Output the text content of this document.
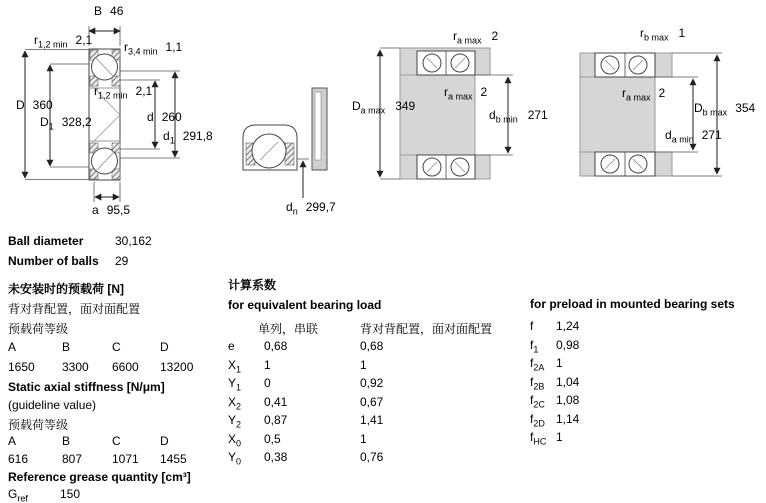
B 46
$r_{1,2 min}$ 2,1	$r_{3,4 min}$ 1,1
D 360
$D_1$ 328,2
$r_{1,2 min}$ 2,1
d 260
$d_1$ 291,8
a 95,5	$d_n$ 299,7
$r_{a max}$ 2
$r_{a max}$ 2
$D_{a max}$ 349
$d_{b min}$ 271
$r_{b max}$ 1
$r_{a max}$ 2
$D_{b max}$ 354
$d_{a min}$ 271
Ball diameter	30,162
Number of balls	29
未安装时的预载荷 [N]
背对背配置，面对面配置
预载荷等级
A	B	C	D
1650	3300	6600	13200
Static axial stiffness [N/μm]
(guideline value)
预载荷等级
A	B	C	D
616	807	1071	1455
Reference grease quantity [cm³]
$G_{ref}$	150
计算系数
for equivalent bearing load
单列，串联	背对背配置，面对面配置
e	0,68	0,68
$X_1$	1	1
$Y_1$	0	0,92
$X_2$	0,41	0,67
$Y_2$	0,87	1,41
$X_0$	0,5	1
$Y_0$	0,38	0,76
for preload in mounted bearing sets
f	1,24
$f_1$	0,98
$f_{2A}$ 1
$f_{2B}$ 1,04
$f_{2C}$ 1,08
$f_{2D}$ 1,14
$f_{HC}$ 1
